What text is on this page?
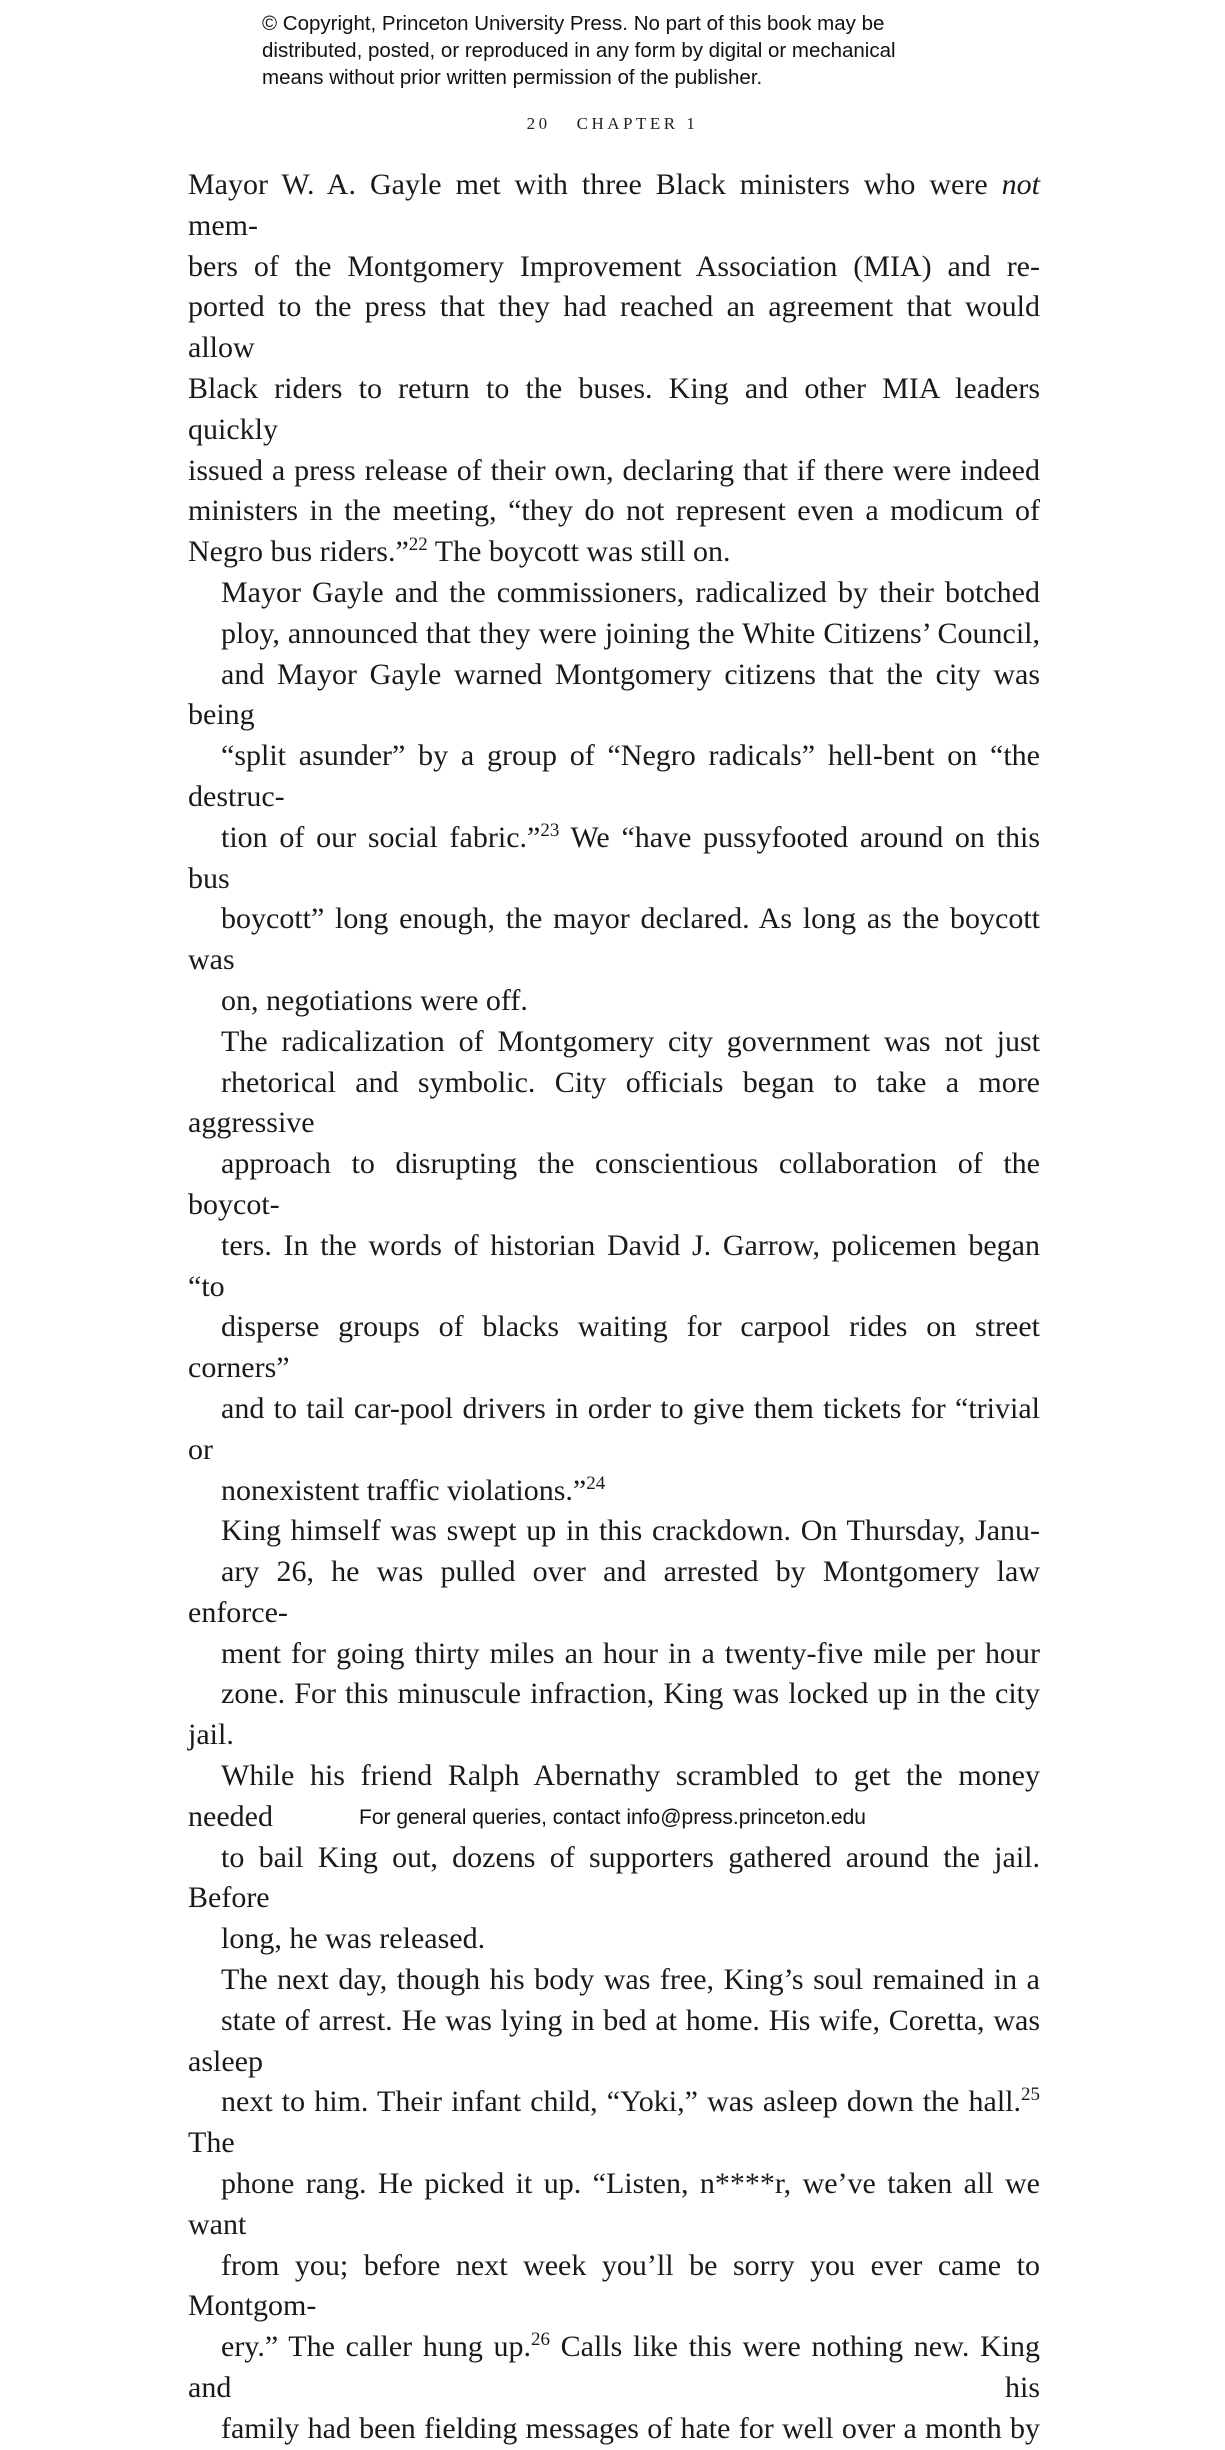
© Copyright, Princeton University Press. No part of this book may be
distributed, posted, or reproduced in any form by digital or mechanical
means without prior written permission of the publisher.
20 CHAPTER 1

Mayor W. A. Gayle met with three Black ministers who were not mem-
bers of the Montgomery Improvement Association (MIA) and re-
ported to the press that they had reached an agreement that would allow
Black riders to return to the buses. King and other MIA leaders quickly
issued a press release of their own, declaring that if there were indeed
ministers in the meeting, “they do not represent even a modicum of
Negro bus riders.”$^{22}$ The boycott was still on.

Mayor Gayle and the commissioners, radicalized by their botched
ploy, announced that they were joining the White Citizens’ Council,
and Mayor Gayle warned Montgomery citizens that the city was being
“split asunder” by a group of “Negro radicals” hell-bent on “the destruc-
tion of our social fabric.”$^{23}$ We “have pussyfooted around on this bus
boycott” long enough, the mayor declared. As long as the boycott was
on, negotiations were off.

The radicalization of Montgomery city government was not just
rhetorical and symbolic. City officials began to take a more aggressive
approach to disrupting the conscientious collaboration of the boycot-
ters. In the words of historian David J. Garrow, policemen began “to
disperse groups of blacks waiting for carpool rides on street corners”
and to tail car-pool drivers in order to give them tickets for “trivial or
nonexistent traffic violations.”$^{24}$

King himself was swept up in this crackdown. On Thursday, Janu-
ary 26, he was pulled over and arrested by Montgomery law enforce-
ment for going thirty miles an hour in a twenty-five mile per hour
zone. For this minuscule infraction, King was locked up in the city jail.
While his friend Ralph Abernathy scrambled to get the money needed
to bail King out, dozens of supporters gathered around the jail. Before
long, he was released.

The next day, though his body was free, King’s soul remained in a
state of arrest. He was lying in bed at home. His wife, Coretta, was asleep
next to him. Their infant child, “Yoki,” was asleep down the hall.$^{25}$ The
phone rang. He picked it up. “Listen, n****r, we’ve taken all we want
from you; before next week you’ll be sorry you ever came to Montgom-
ery.” The caller hung up.$^{26}$ Calls like this were nothing new. King and his
family had been fielding messages of hate for well over a month by

For general queries, contact info@press.princeton.edu
